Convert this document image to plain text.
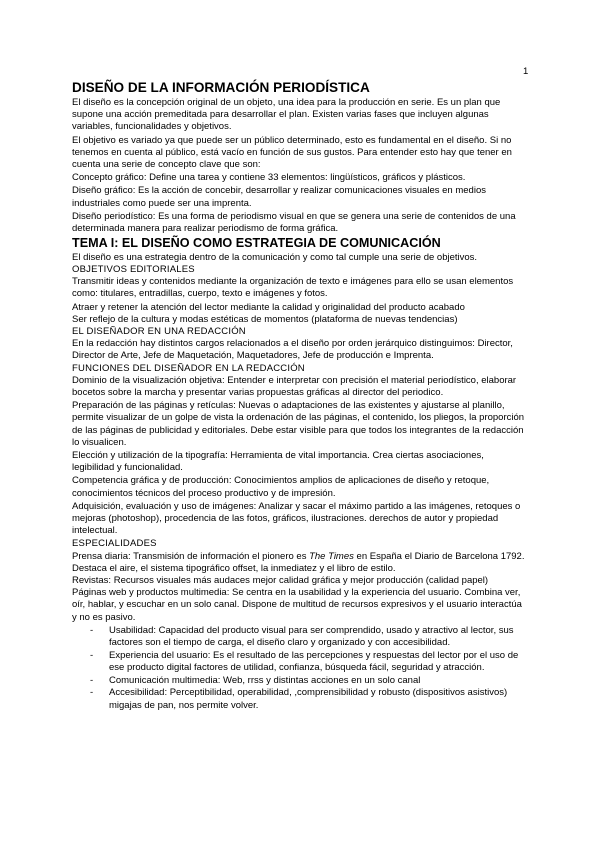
1
DISEÑO DE LA INFORMACIÓN PERIODÍSTICA

El diseño es la concepción original de un objeto, una idea para la producción en serie. Es un plan que supone una acción premeditada para desarrollar el plan. Existen varias fases que incluyen algunas variables, funcionalidades y objetivos.

El objetivo es variado ya que puede ser un público determinado, esto es fundamental en el diseño. Si no tenemos en cuenta al público, está vacío en función de sus gustos. Para entender esto hay que tener en cuenta una serie de concepto clave que son:

Concepto gráfico: Define una tarea y contiene 33 elementos: lingüísticos, gráficos y plásticos.

Diseño gráfico: Es la acción de concebir, desarrollar y realizar comunicaciones visuales en medios industriales como puede ser una imprenta.

Diseño periodístico: Es una forma de periodismo visual en que se genera una serie de contenidos de una determinada manera para realizar periodismo de forma gráfica.

TEMA I: EL DISEÑO COMO ESTRATEGIA DE COMUNICACIÓN

El diseño es una estrategia dentro de la comunicación y como tal cumple una serie de objetivos.

OBJETIVOS EDITORIALES

Transmitir ideas y contenidos mediante la organización de texto e imágenes para ello se usan elementos como: titulares, entradillas, cuerpo, texto e imágenes y fotos.

Atraer y retener la atención del lector mediante la calidad y originalidad del producto acabado

Ser reflejo de la cultura y modas estéticas de momentos (plataforma de nuevas tendencias)

EL DISEÑADOR EN UNA REDACCIÓN

En la redacción hay distintos cargos relacionados a el diseño por orden jerárquico distinguimos: Director, Director de Arte, Jefe de Maquetación, Maquetadores, Jefe de producción e Imprenta.

FUNCIONES DEL DISEÑADOR EN LA REDACCIÓN

Dominio de la visualización objetiva: Entender e interpretar con precisión el material periodístico, elaborar bocetos sobre la marcha y presentar varias propuestas gráficas al director del periodico.

Preparación de las páginas y retículas: Nuevas o adaptaciones de las existentes y ajustarse al planillo, permite visualizar de un golpe de vista la ordenación de las páginas, el contenido, los pliegos, la proporción de las páginas de publicidad y editoriales. Debe estar visible para que todos los integrantes de la redacción lo visualicen.

Elección y utilización de la tipografía: Herramienta de vital importancia. Crea ciertas asociaciones, legibilidad y funcionalidad.

Competencia gráfica y de producción: Conocimientos amplios de aplicaciones de diseño y retoque, conocimientos técnicos del proceso productivo y de impresión.

Adquisición, evaluación y uso de imágenes: Analizar y sacar el máximo partido a las imágenes, retoques o mejoras (photoshop), procedencia de las fotos, gráficos, ilustraciones. derechos de autor y propiedad intelectual.

ESPECIALIDADES

Prensa diaria: Transmisión de información el pionero es The Times en España el Diario de Barcelona 1792. Destaca el aire, el sistema tipográfico offset, la inmediatez y el libro de estilo.

Revistas: Recursos visuales más audaces mejor calidad gráfica y mejor producción (calidad papel)

Páginas web y productos multimedia: Se centra en la usabilidad y la experiencia del usuario. Combina ver, oír, hablar, y escuchar en un solo canal. Dispone de multitud de recursos expresivos y el usuario interactúa y no es pasivo.

- Usabilidad: Capacidad del producto visual para ser comprendido, usado y atractivo al lector, sus factores son el tiempo de carga, el diseño claro y organizado y con accesibilidad.
- Experiencia del usuario: Es el resultado de las percepciones y respuestas del lector por el uso de ese producto digital factores de utilidad, confianza, búsqueda fácil, seguridad y atracción.
- Comunicación multimedia: Web, rrss y distintas acciones en un solo canal
- Accesibilidad: Perceptibilidad, operabilidad, ,comprensibilidad y robusto (dispositivos asistivos) migajas de pan, nos permite volver.
